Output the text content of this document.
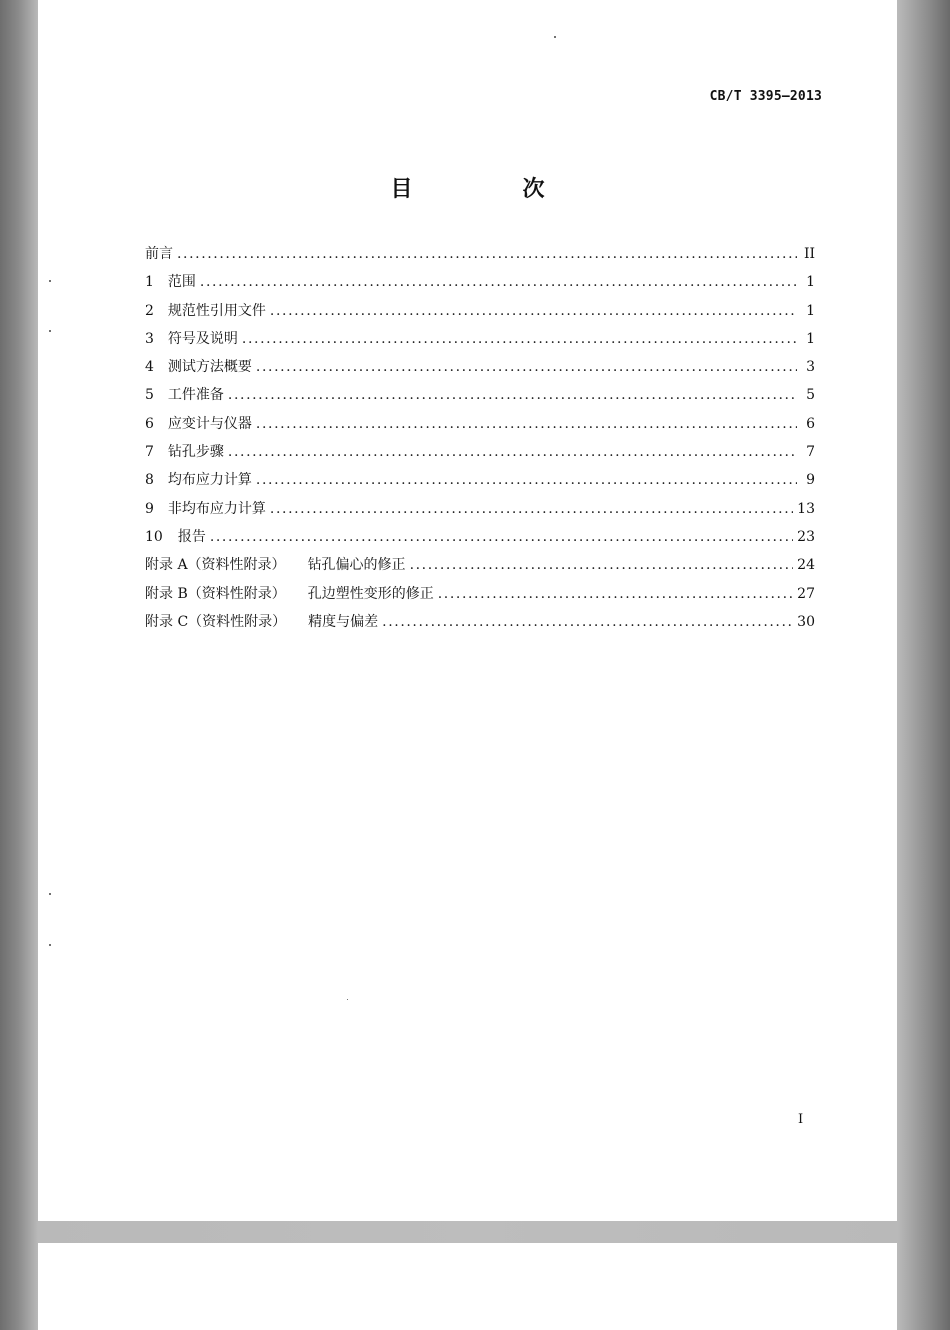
CB/T 3395—2013
目　次
前言 .....	II
1 范围 .....	1
2 规范性引用文件 .....	1
3 符号及说明 .....	1
4 测试方法概要 .....	3
5 工件准备 .....	5
6 应变计与仪器 .....	6
7 钻孔步骤 .....	7
8 均布应力计算 .....	9
9 非均布应力计算 .....	13
10 报告 .....	23
附录 A（资料性附录） 钻孔偏心的修正 .....	24
附录 B（资料性附录） 孔边塑性变形的修正 .....	27
附录 C（资料性附录） 精度与偏差 .....	30
I
